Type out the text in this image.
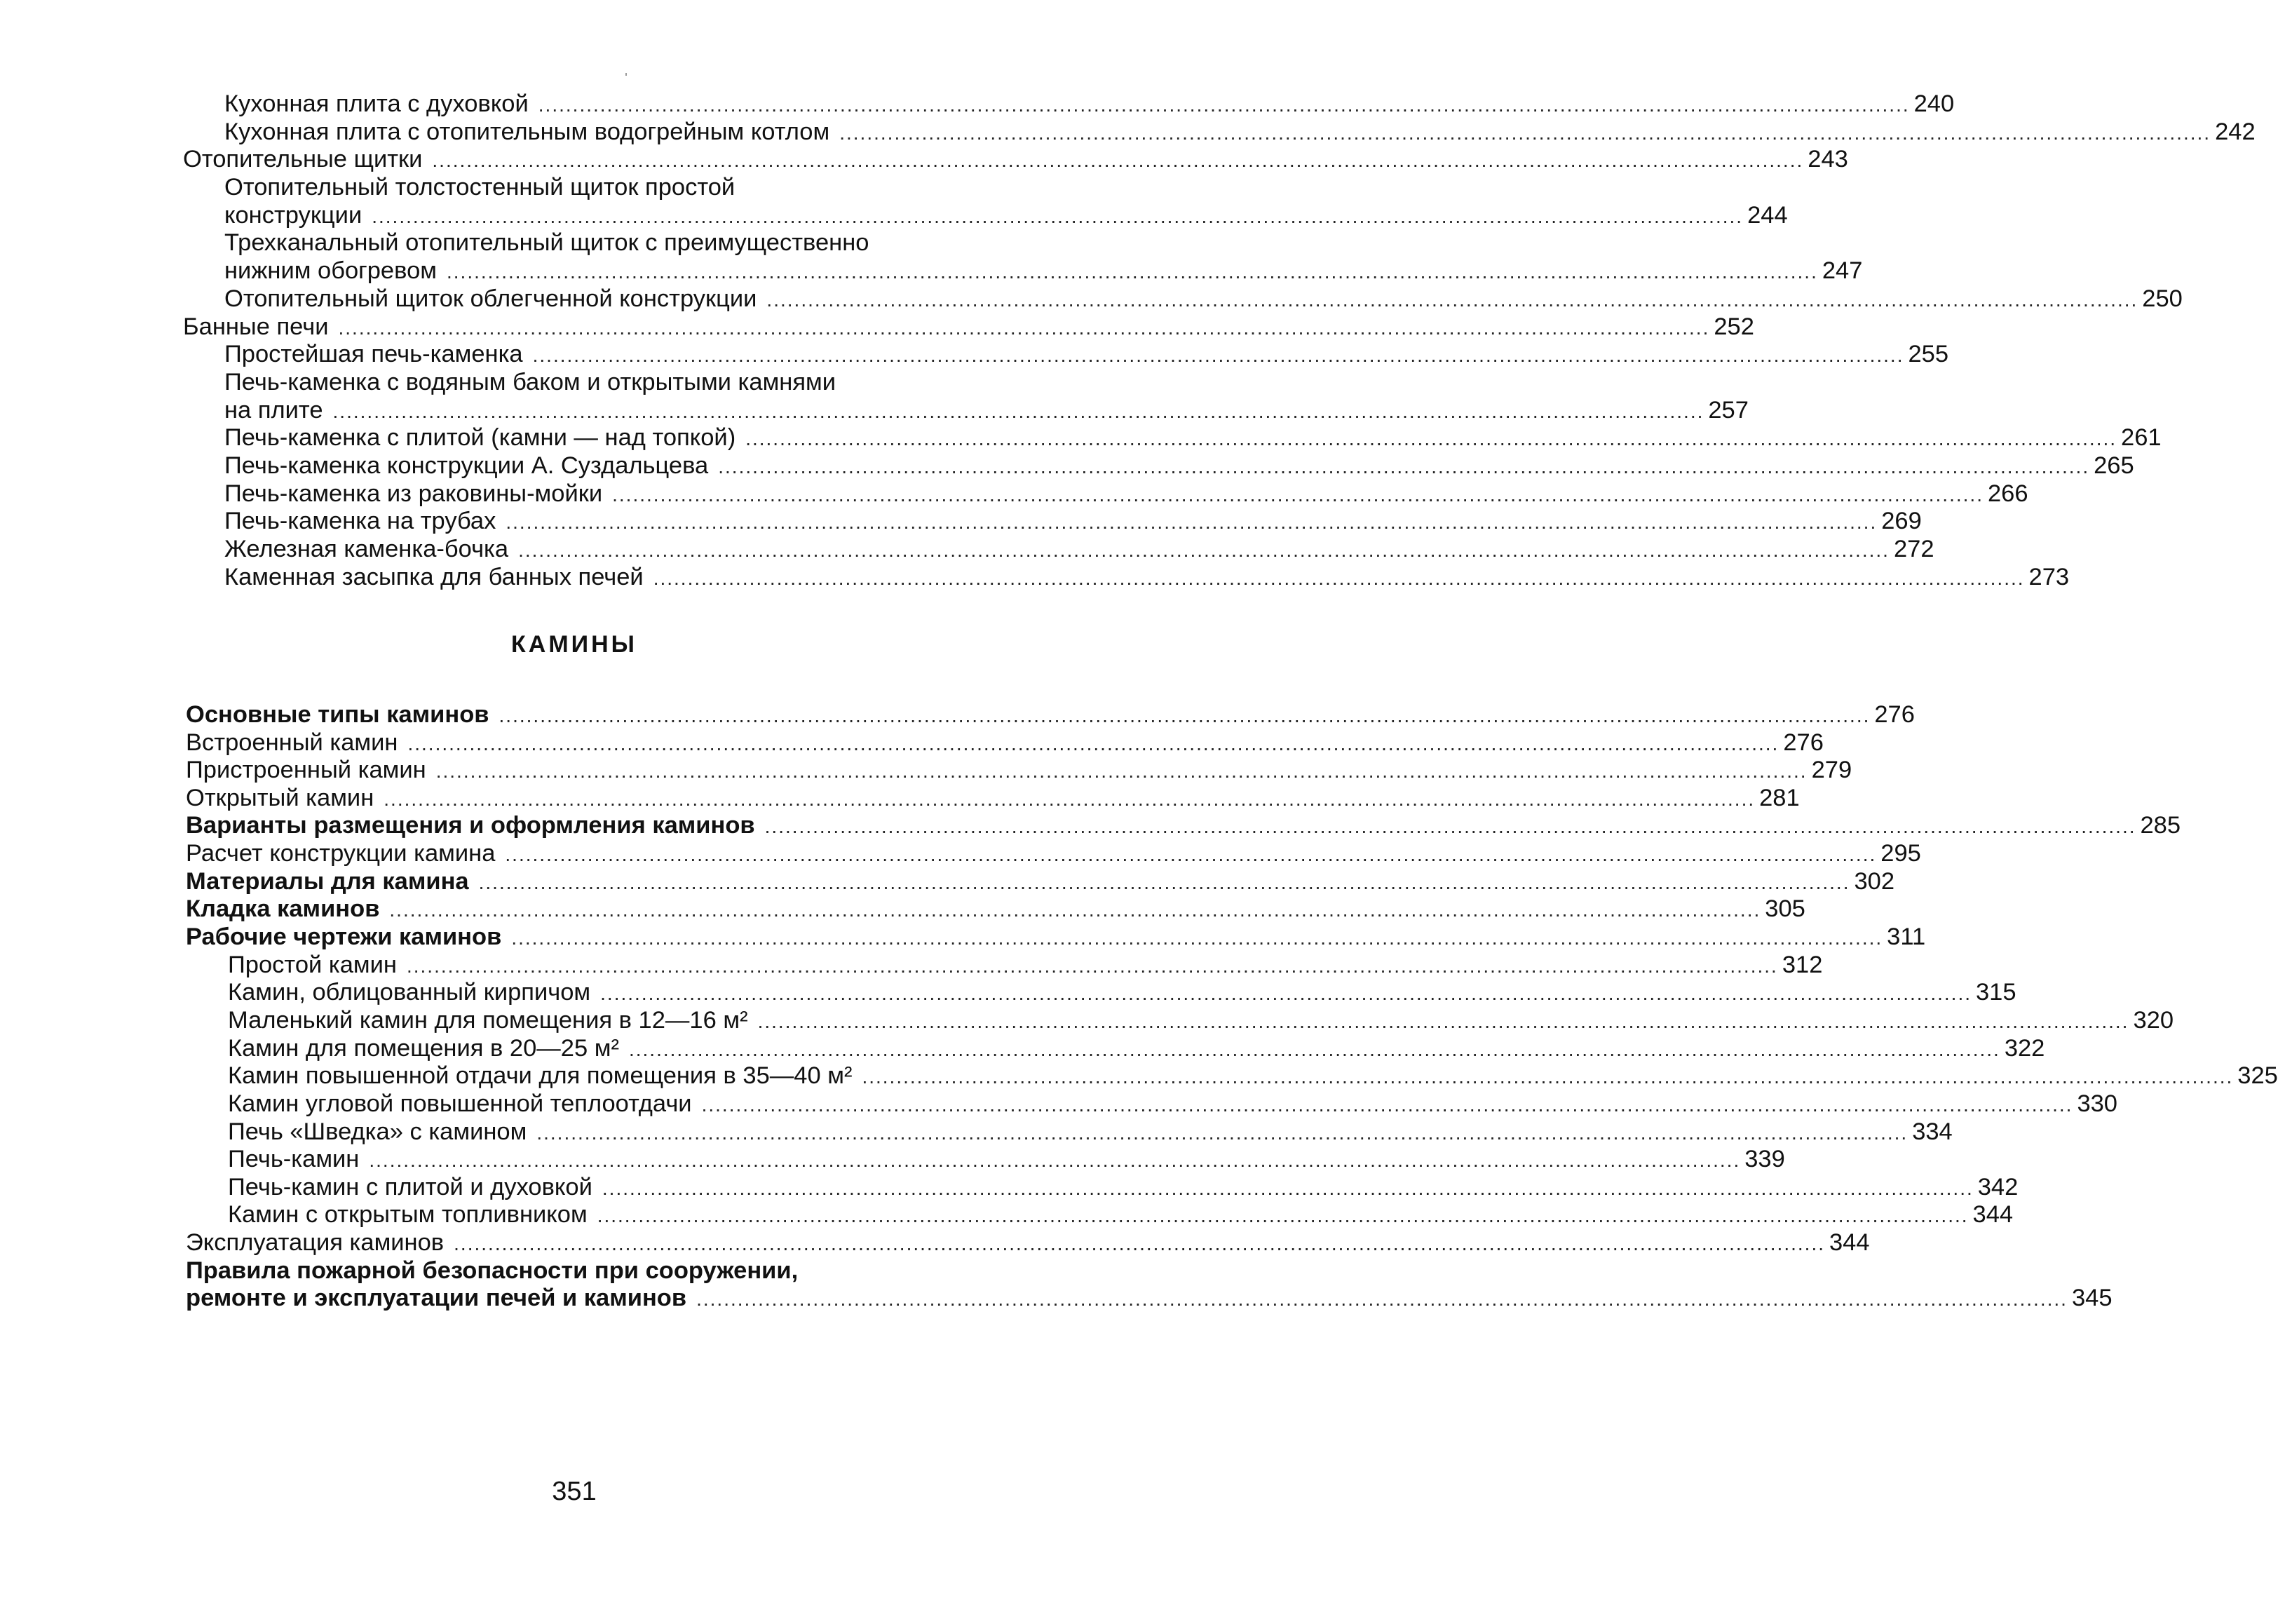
Кухонная плита с духовкой ........................................................................................................................................................................................................ 240
Кухонная плита с отопительным водогрейным котлом ........................................................................................................................................................................................................ 242
Отопительные щитки ........................................................................................................................................................................................................ 243
Отопительный толстостенный щиток простой
конструкции ........................................................................................................................................................................................................ 244
Трехканальный отопительный щиток с преимущественно
нижним обогревом ........................................................................................................................................................................................................ 247
Отопительный щиток облегченной конструкции ........................................................................................................................................................................................................ 250
Банные печи ........................................................................................................................................................................................................ 252
Простейшая печь-каменка ........................................................................................................................................................................................................ 255
Печь-каменка с водяным баком и открытыми камнями
на плите ........................................................................................................................................................................................................ 257
Печь-каменка с плитой (камни — над топкой) ........................................................................................................................................................................................................ 261
Печь-каменка конструкции А. Суздальцева ........................................................................................................................................................................................................ 265
Печь-каменка из раковины-мойки ........................................................................................................................................................................................................ 266
Печь-каменка на трубах ........................................................................................................................................................................................................ 269
Железная каменка-бочка ........................................................................................................................................................................................................ 272
Каменная засыпка для банных печей ........................................................................................................................................................................................................ 273
КАМИНЫ
Основные типы каминов ........................................................................................................................................................................................................ 276
Встроенный камин ........................................................................................................................................................................................................ 276
Пристроенный камин ........................................................................................................................................................................................................ 279
Открытый камин ........................................................................................................................................................................................................ 281
Варианты размещения и оформления каминов ........................................................................................................................................................................................................ 285
Расчет конструкции камина ........................................................................................................................................................................................................ 295
Материалы для камина ........................................................................................................................................................................................................ 302
Кладка каминов ........................................................................................................................................................................................................ 305
Рабочие чертежи каминов ........................................................................................................................................................................................................ 311
Простой камин ........................................................................................................................................................................................................ 312
Камин, облицованный кирпичом ........................................................................................................................................................................................................ 315
Маленький камин для помещения в 12—16 м² ........................................................................................................................................................................................................ 320
Камин для помещения в 20—25 м² ........................................................................................................................................................................................................ 322
Камин повышенной отдачи для помещения в 35—40 м² ........................................................................................................................................................................................................ 325
Камин угловой повышенной теплоотдачи ........................................................................................................................................................................................................ 330
Печь «Шведка» с камином ........................................................................................................................................................................................................ 334
Печь-камин ........................................................................................................................................................................................................ 339
Печь-камин с плитой и духовкой ........................................................................................................................................................................................................ 342
Камин с открытым топливником ........................................................................................................................................................................................................ 344
Эксплуатация каминов ........................................................................................................................................................................................................ 344
Правила пожарной безопасности при сооружении,
ремонте и эксплуатации печей и каминов ........................................................................................................................................................................................................ 345
351
